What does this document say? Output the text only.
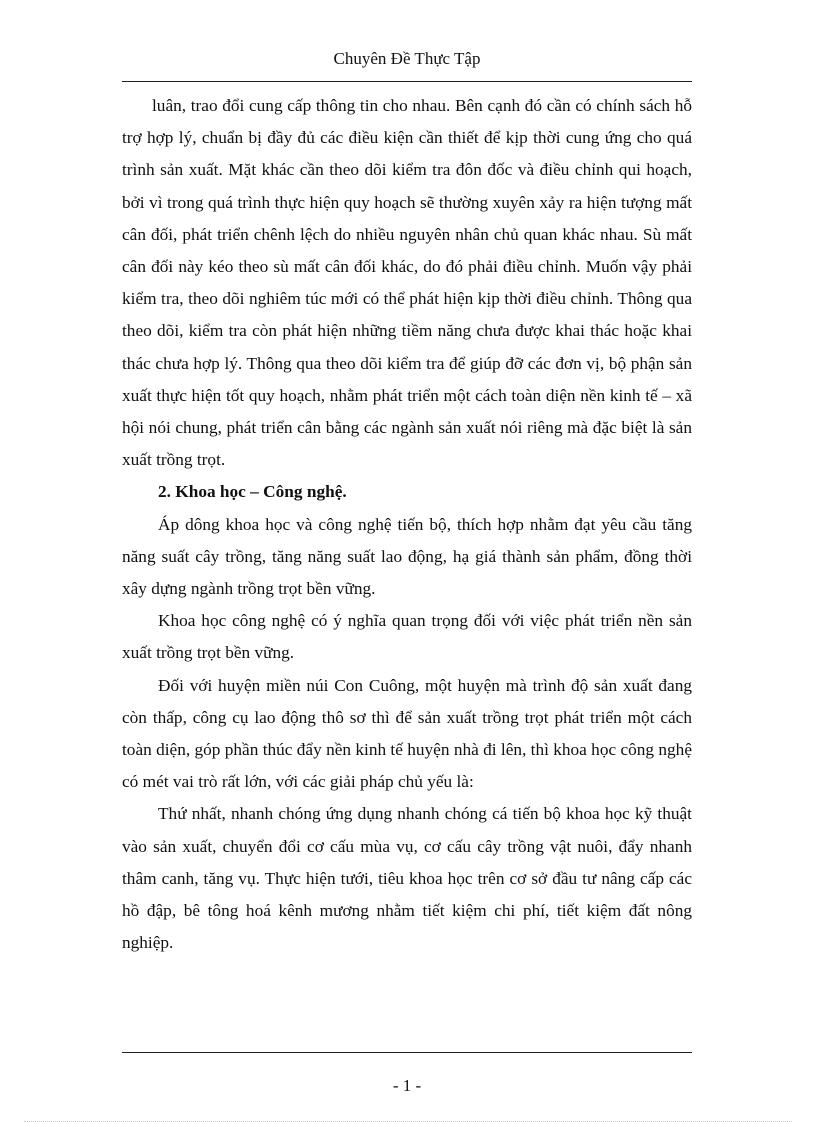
Chuyên Đề Thực Tập

luân, trao đổi cung cấp thông tin cho nhau. Bên cạnh đó cần có chính sách hỗ trợ hợp lý, chuẩn bị đầy đủ các điều kiện cần thiết để kịp thời cung ứng cho quá trình sản xuất. Mặt khác cần theo dõi kiểm tra đôn đốc và điều chỉnh qui hoạch, bởi vì trong quá trình thực hiện quy hoạch sẽ thường xuyên xảy ra hiện tượng mất cân đối, phát triển chênh lệch do nhiều nguyên nhân chủ quan khác nhau. Sù mất cân đối này kéo theo sù mất cân đối khác, do đó phải điều chỉnh. Muốn vậy phải kiểm tra, theo dõi nghiêm túc mới có thể phát hiện kịp thời điều chỉnh. Thông qua theo dõi, kiểm tra còn phát hiện những tiềm năng chưa được khai thác hoặc khai thác chưa hợp lý. Thông qua theo dõi kiểm tra để giúp đỡ các đơn vị, bộ phận sản xuất thực hiện tốt quy hoạch, nhằm phát triển một cách toàn diện nền kinh tế – xã hội nói chung, phát triển cân bằng các ngành sản xuất nói riêng mà đặc biệt là sản xuất trồng trọt.

2. Khoa học – Công nghệ.

Áp dông khoa học và công nghệ tiến bộ, thích hợp nhằm đạt yêu cầu tăng năng suất cây trồng, tăng năng suất lao động, hạ giá thành sản phẩm, đồng thời xây dựng ngành trồng trọt bền vững.

Khoa học công nghệ có ý nghĩa quan trọng đối với việc phát triển nền sản xuất trồng trọt bền vững.

Đối với huyện miền núi Con Cuông, một huyện mà trình độ sản xuất đang còn thấp, công cụ lao động thô sơ thì để sản xuất trồng trọt phát triển một cách toàn diện, góp phần thúc đẩy nền kinh tế huyện nhà đi lên, thì khoa học công nghệ có mét vai trò rất lớn, với các giải pháp chủ yếu là:

Thứ nhất, nhanh chóng ứng dụng nhanh chóng cá tiến bộ khoa học kỹ thuật vào sản xuất, chuyển đổi cơ cấu mùa vụ, cơ cấu cây trồng vật nuôi, đẩy nhanh thâm canh, tăng vụ. Thực hiện tưới, tiêu khoa học trên cơ sở đầu tư nâng cấp các hồ đập, bê tông hoá kênh mương nhằm tiết kiệm chi phí, tiết kiệm đất nông nghiệp.

- 1 -
